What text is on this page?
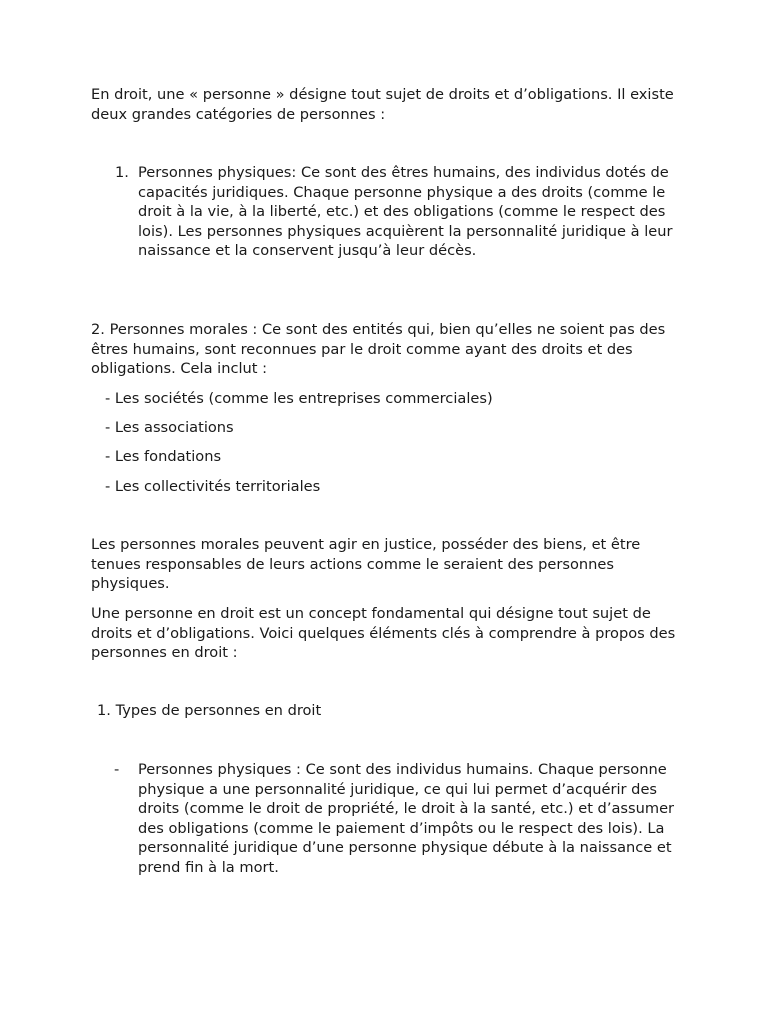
En droit, une « personne » désigne tout sujet de droits et d’obligations. Il existe deux grandes catégories de personnes :

1. Personnes physiques: Ce sont des êtres humains, des individus dotés de capacités juridiques. Chaque personne physique a des droits (comme le droit à la vie, à la liberté, etc.) et des obligations (comme le respect des lois). Les personnes physiques acquièrent la personnalité juridique à leur naissance et la conservent jusqu’à leur décès.

2. Personnes morales : Ce sont des entités qui, bien qu’elles ne soient pas des êtres humains, sont reconnues par le droit comme ayant des droits et des obligations. Cela inclut :

- Les sociétés (comme les entreprises commerciales)
- Les associations
- Les fondations
- Les collectivités territoriales

Les personnes morales peuvent agir en justice, posséder des biens, et être tenues responsables de leurs actions comme le seraient des personnes physiques.

Une personne en droit est un concept fondamental qui désigne tout sujet de droits et d’obligations. Voici quelques éléments clés à comprendre à propos des personnes en droit :

1. Types de personnes en droit
- Personnes physiques : Ce sont des individus humains. Chaque personne physique a une personnalité juridique, ce qui lui permet d’acquérir des droits (comme le droit de propriété, le droit à la santé, etc.) et d’assumer des obligations (comme le paiement d’impôts ou le respect des lois). La personnalité juridique d’une personne physique débute à la naissance et prend fin à la mort.
